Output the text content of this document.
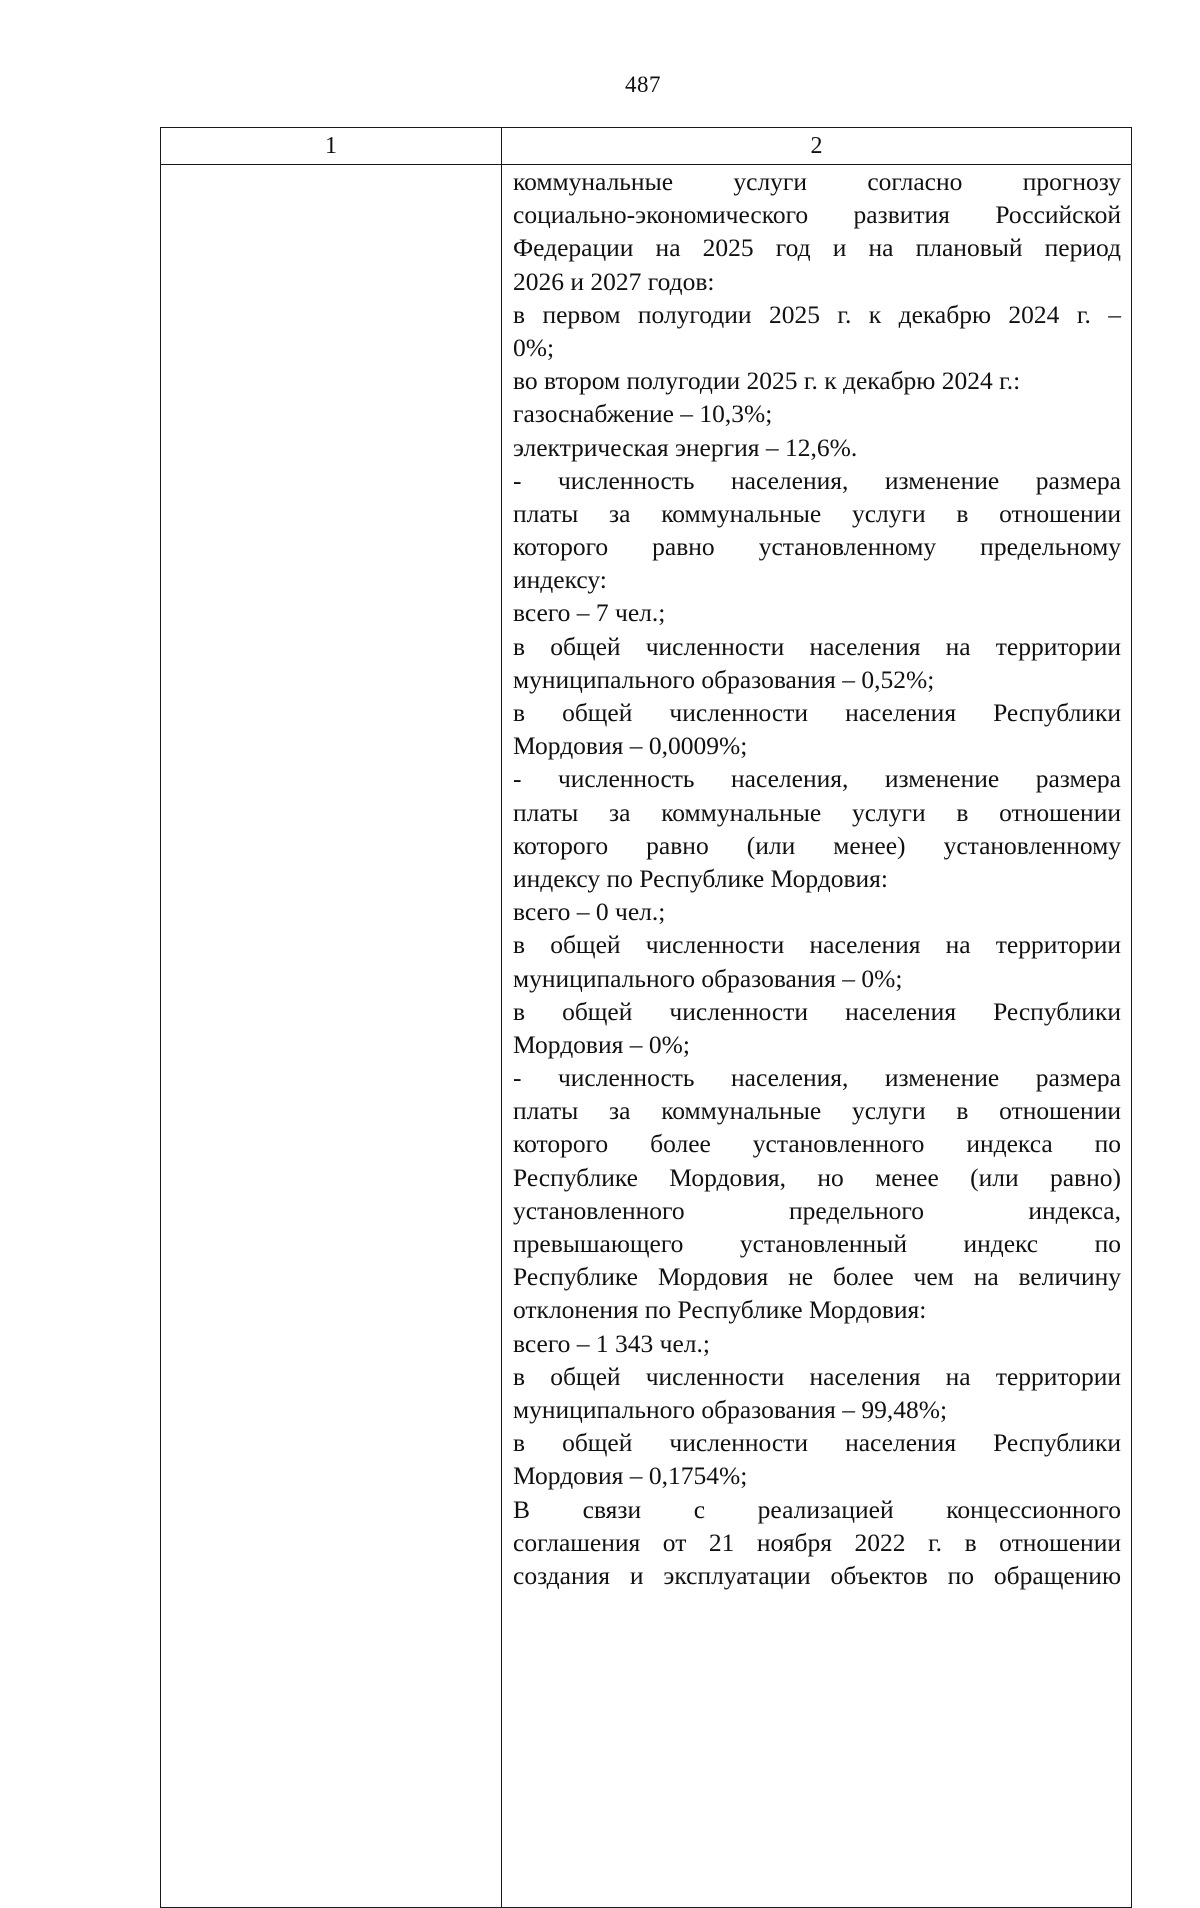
487
1	2
коммунальные услуги согласно прогнозу
социально-экономического развития Российской
Федерации на 2025 год и на плановый период
2026 и 2027 годов:
в первом полугодии 2025 г. к декабрю 2024 г. –
0%;
во втором полугодии 2025 г. к декабрю 2024 г.:
газоснабжение – 10,3%;
электрическая энергия – 12,6%.
- численность населения, изменение размера
платы за коммунальные услуги в отношении
которого равно установленному предельному
индексу:
всего – 7 чел.;
в общей численности населения на территории
муниципального образования – 0,52%;
в общей численности населения Республики
Мордовия – 0,0009%;
- численность населения, изменение размера
платы за коммунальные услуги в отношении
которого равно (или менее) установленному
индексу по Республике Мордовия:
всего – 0 чел.;
в общей численности населения на территории
муниципального образования – 0%;
в общей численности населения Республики
Мордовия – 0%;
- численность населения, изменение размера
платы за коммунальные услуги в отношении
которого более установленного индекса по
Республике Мордовия, но менее (или равно)
установленного предельного индекса,
превышающего установленный индекс по
Республике Мордовия не более чем на величину
отклонения по Республике Мордовия:
всего – 1 343 чел.;
в общей численности населения на территории
муниципального образования – 99,48%;
в общей численности населения Республики
Мордовия – 0,1754%;
В связи с реализацией концессионного
соглашения от 21 ноября 2022 г. в отношении
создания и эксплуатации объектов по обращению
